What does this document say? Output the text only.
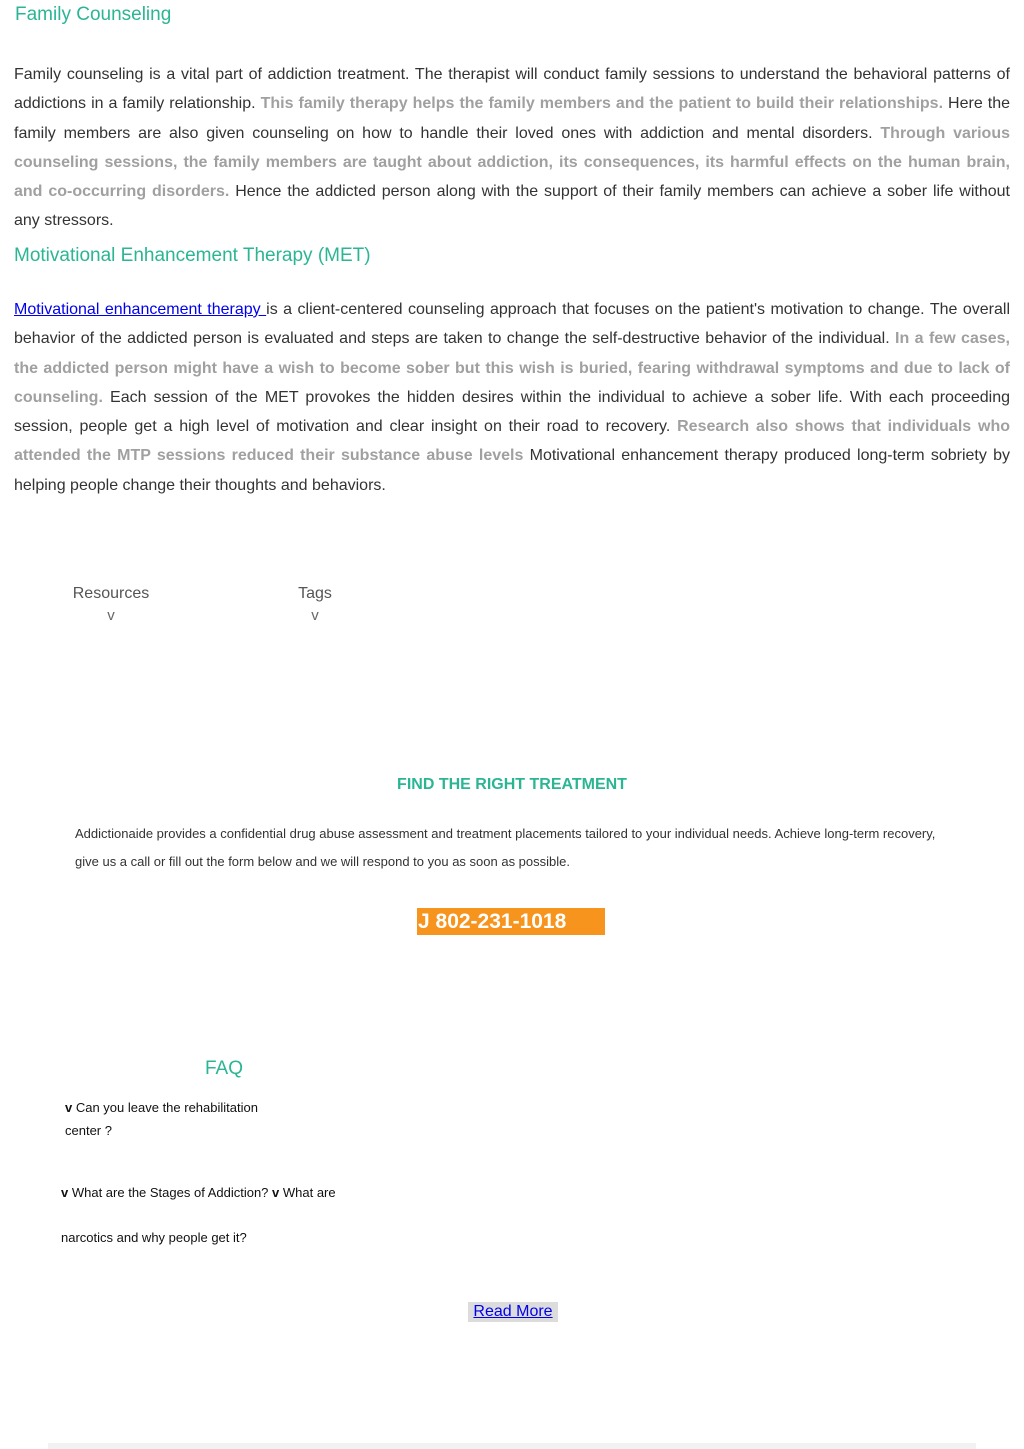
Family Counseling

Family counseling is a vital part of addiction treatment. The therapist will conduct family sessions to understand the behavioral patterns of addictions in a family relationship. This family therapy helps the family members and the patient to build their relationships. Here the family members are also given counseling on how to handle their loved ones with addiction and mental disorders. Through various counseling sessions, the family members are taught about addiction, its consequences, its harmful effects on the human brain, and co-occurring disorders. Hence the addicted person along with the support of their family members can achieve a sober life without any stressors.

Motivational Enhancement Therapy (MET)

Motivational enhancement therapy is a client-centered counseling approach that focuses on the patient's motivation to change. The overall behavior of the addicted person is evaluated and steps are taken to change the self-destructive behavior of the individual. In a few cases, the addicted person might have a wish to become sober but this wish is buried, fearing withdrawal symptoms and due to lack of counseling. Each session of the MET provokes the hidden desires within the individual to achieve a sober life. With each proceeding session, people get a high level of motivation and clear insight on their road to recovery. Research also shows that individuals who attended the MTP sessions reduced their substance abuse levels Motivational enhancement therapy produced long-term sobriety by helping people change their thoughts and behaviors.

Resources
v
Tags
v
FIND THE RIGHT TREATMENT

Addictionaide provides a confidential drug abuse assessment and treatment placements tailored to your individual needs. Achieve long-term recovery, give us a call or fill out the form below and we will respond to you as soon as possible.

J 802-231-1018
FAQ
v Can you leave the rehabilitation center ?
v What are the Stages of Addiction? v What are
narcotics and why people get it?
Read More
